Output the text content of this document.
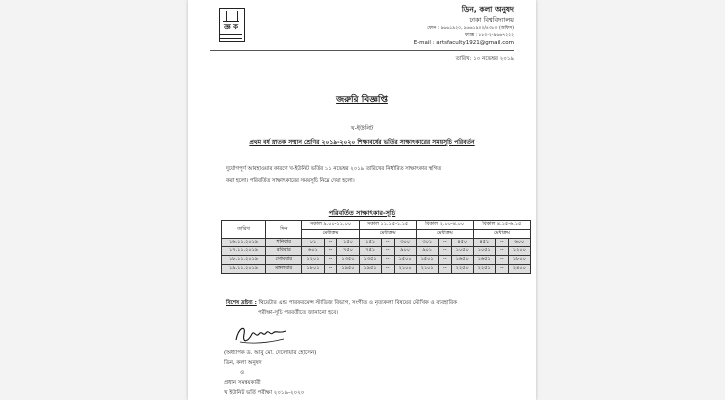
জ্ঞ ক
ডিন, কলা অনুষদ
ঢাকা বিশ্ববিদ্যালয়
ফোন : ৯৬৬১৯২০, ৯৬৬১৯০০/৪৩৮০ (অফিস)
ফ্যাক্স : ৮৮০-২-৯৬৬৭২২২
E-mail : artsfaculty1921@gmail.com
তারিখ: ১০ নভেম্বর ২০১৯
জরুরি বিজ্ঞপ্তি
খ-ইউনিট
প্রথম বর্ষ স্নাতক সম্মান শ্রেণির ২০১৯-২০২০ শিক্ষাবর্ষের ভর্তির সাক্ষাৎকারের সময়সূচি পরিবর্তন
দুর্যোগপূর্ণ আবহাওয়ার কারণে খ-ইউনিট ভর্তির ১১ নভেম্বর ২০১৯ তারিখের নির্ধারিত সাক্ষাৎকার স্থগিত
করা হলো। পরিবর্তিত সাক্ষাৎকারের সময়সূচি নিম্নে দেয়া হলো।
পরিবর্তিত সাক্ষাৎকার-সূচি
তারিখ	দিন	সকাল ৯.০০-১১.০০			সকাল ১১.১৫-১.১৫			বিকাল ২.০০-৪.০০			বিকাল ৪.১৫-৬.১৫		
		মেধাক্রম			মেধাক্রম			মেধাক্রম			মেধাক্রম		
১৬.১১.২০১৯	শনিবার	০১	--	১৫০	১৫১	--	৩০০	৩০১	--	৪৫০	৪৫১	--	৬০০
১৭.১১.২০১৯	রবিবার	৬০১	--	৭৫০	৭৫১	--	৯০০	৯০১	--	১০৫০	১০৫১	--	১২০০
১৮.১১.২০১৯	সোমবার	১২০১	--	১৩৫০	১৩৫১	--	১৫০০	১৫০১	--	১৬৫০	১৬৫১	--	১৮০০
১৯.১১.২০১৯	মঙ্গলবার	১৮০১	--	১৯৫০	১৯৫১	--	২১০০	২১০১	--	২২৫০	২২৫১	--	২৪০০
বিশেষ দ্রষ্টব্য : থিয়েটার এন্ড পারফরমেন্স স্টাডিজ বিভাগ, সংগীত ও নৃত্যকলা বিষয়ের মৌখিক ও ব্যবহারিক
পরীক্ষা-সূচি পরবর্তীতে জানানো হবে।
(অধ্যাপক ড. আবু মো. দেলোয়ার হোসেন)
ডিন, কলা অনুষদ
ও
প্রধান সমন্বয়কারী
খ ইউনিট ভর্তি পরীক্ষা ২০১৯-২০২০
